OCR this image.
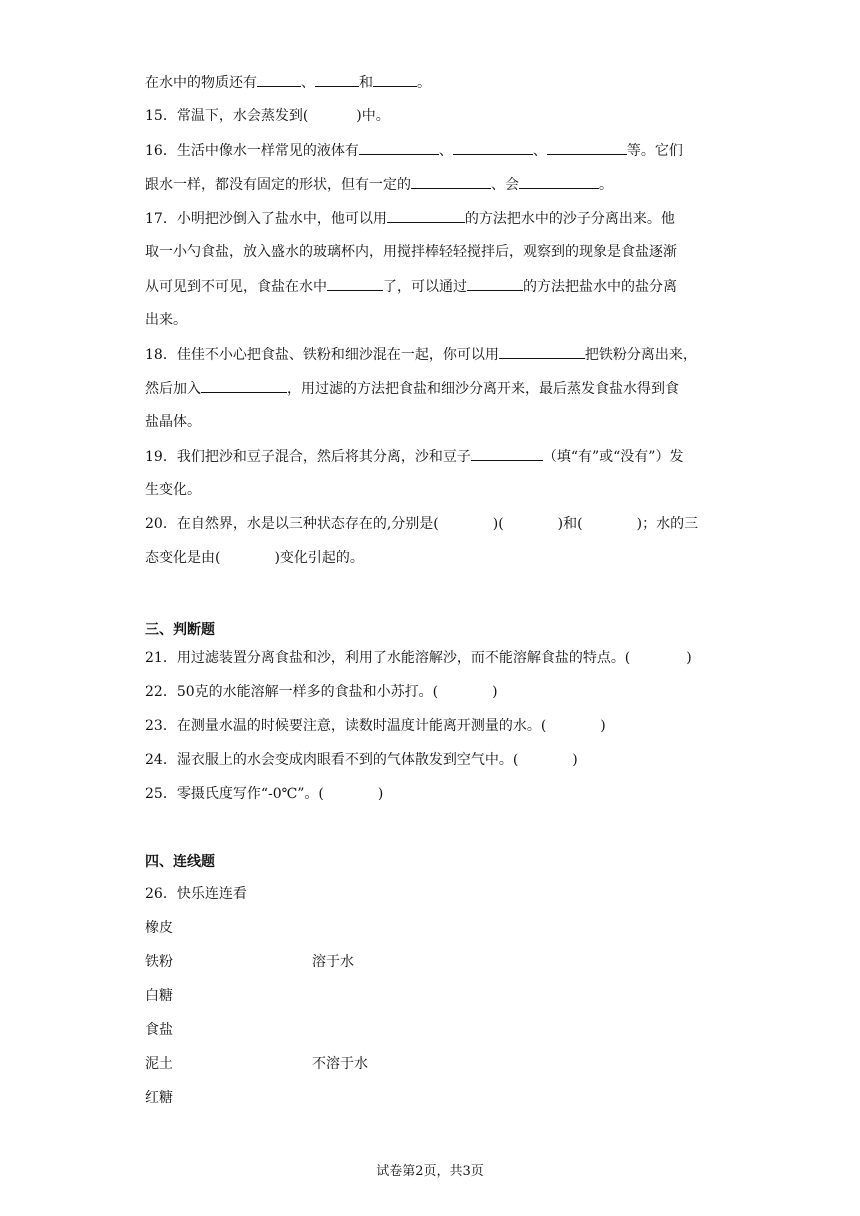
在水中的物质还有	、	和	。
15．常温下，水会蒸发到(	)中。
16．生活中像水一样常见的液体有	、	、	等。它们
跟水一样，都没有固定的形状，但有一定的	、会	。
17．小明把沙倒入了盐水中，他可以用	的方法把水中的沙子分离出来。他
取一小勺食盐，放入盛水的玻璃杯内，用搅拌棒轻轻搅拌后，观察到的现象是食盐逐渐
从可见到不可见，食盐在水中	了，可以通过	的方法把盐水中的盐分离
出来。
18．佳佳不小心把食盐、铁粉和细沙混在一起，你可以用	把铁粉分离出来，
然后加入	，用过滤的方法把食盐和细沙分离开来，最后蒸发食盐水得到食
盐晶体。
19．我们把沙和豆子混合，然后将其分离，沙和豆子	（填“有”或“没有”）发
生变化。
20．在自然界，水是以三种状态存在的,分别是(	)(	)和(	)；水的三
态变化是由(	)变化引起的。
三、判断题
21．用过滤装置分离食盐和沙，利用了水能溶解沙，而不能溶解食盐的特点。(	)
22．50克的水能溶解一样多的食盐和小苏打。(	)
23．在测量水温的时候要注意，读数时温度计能离开测量的水。(	)
24．湿衣服上的水会变成肉眼看不到的气体散发到空气中。(	)
25．零摄氏度写作“-0℃”。(	)
四、连线题
26．快乐连连看
橡皮
铁粉
白糖
食盐
泥土
红糖
溶于水
不溶于水
试卷第2页，共3页
